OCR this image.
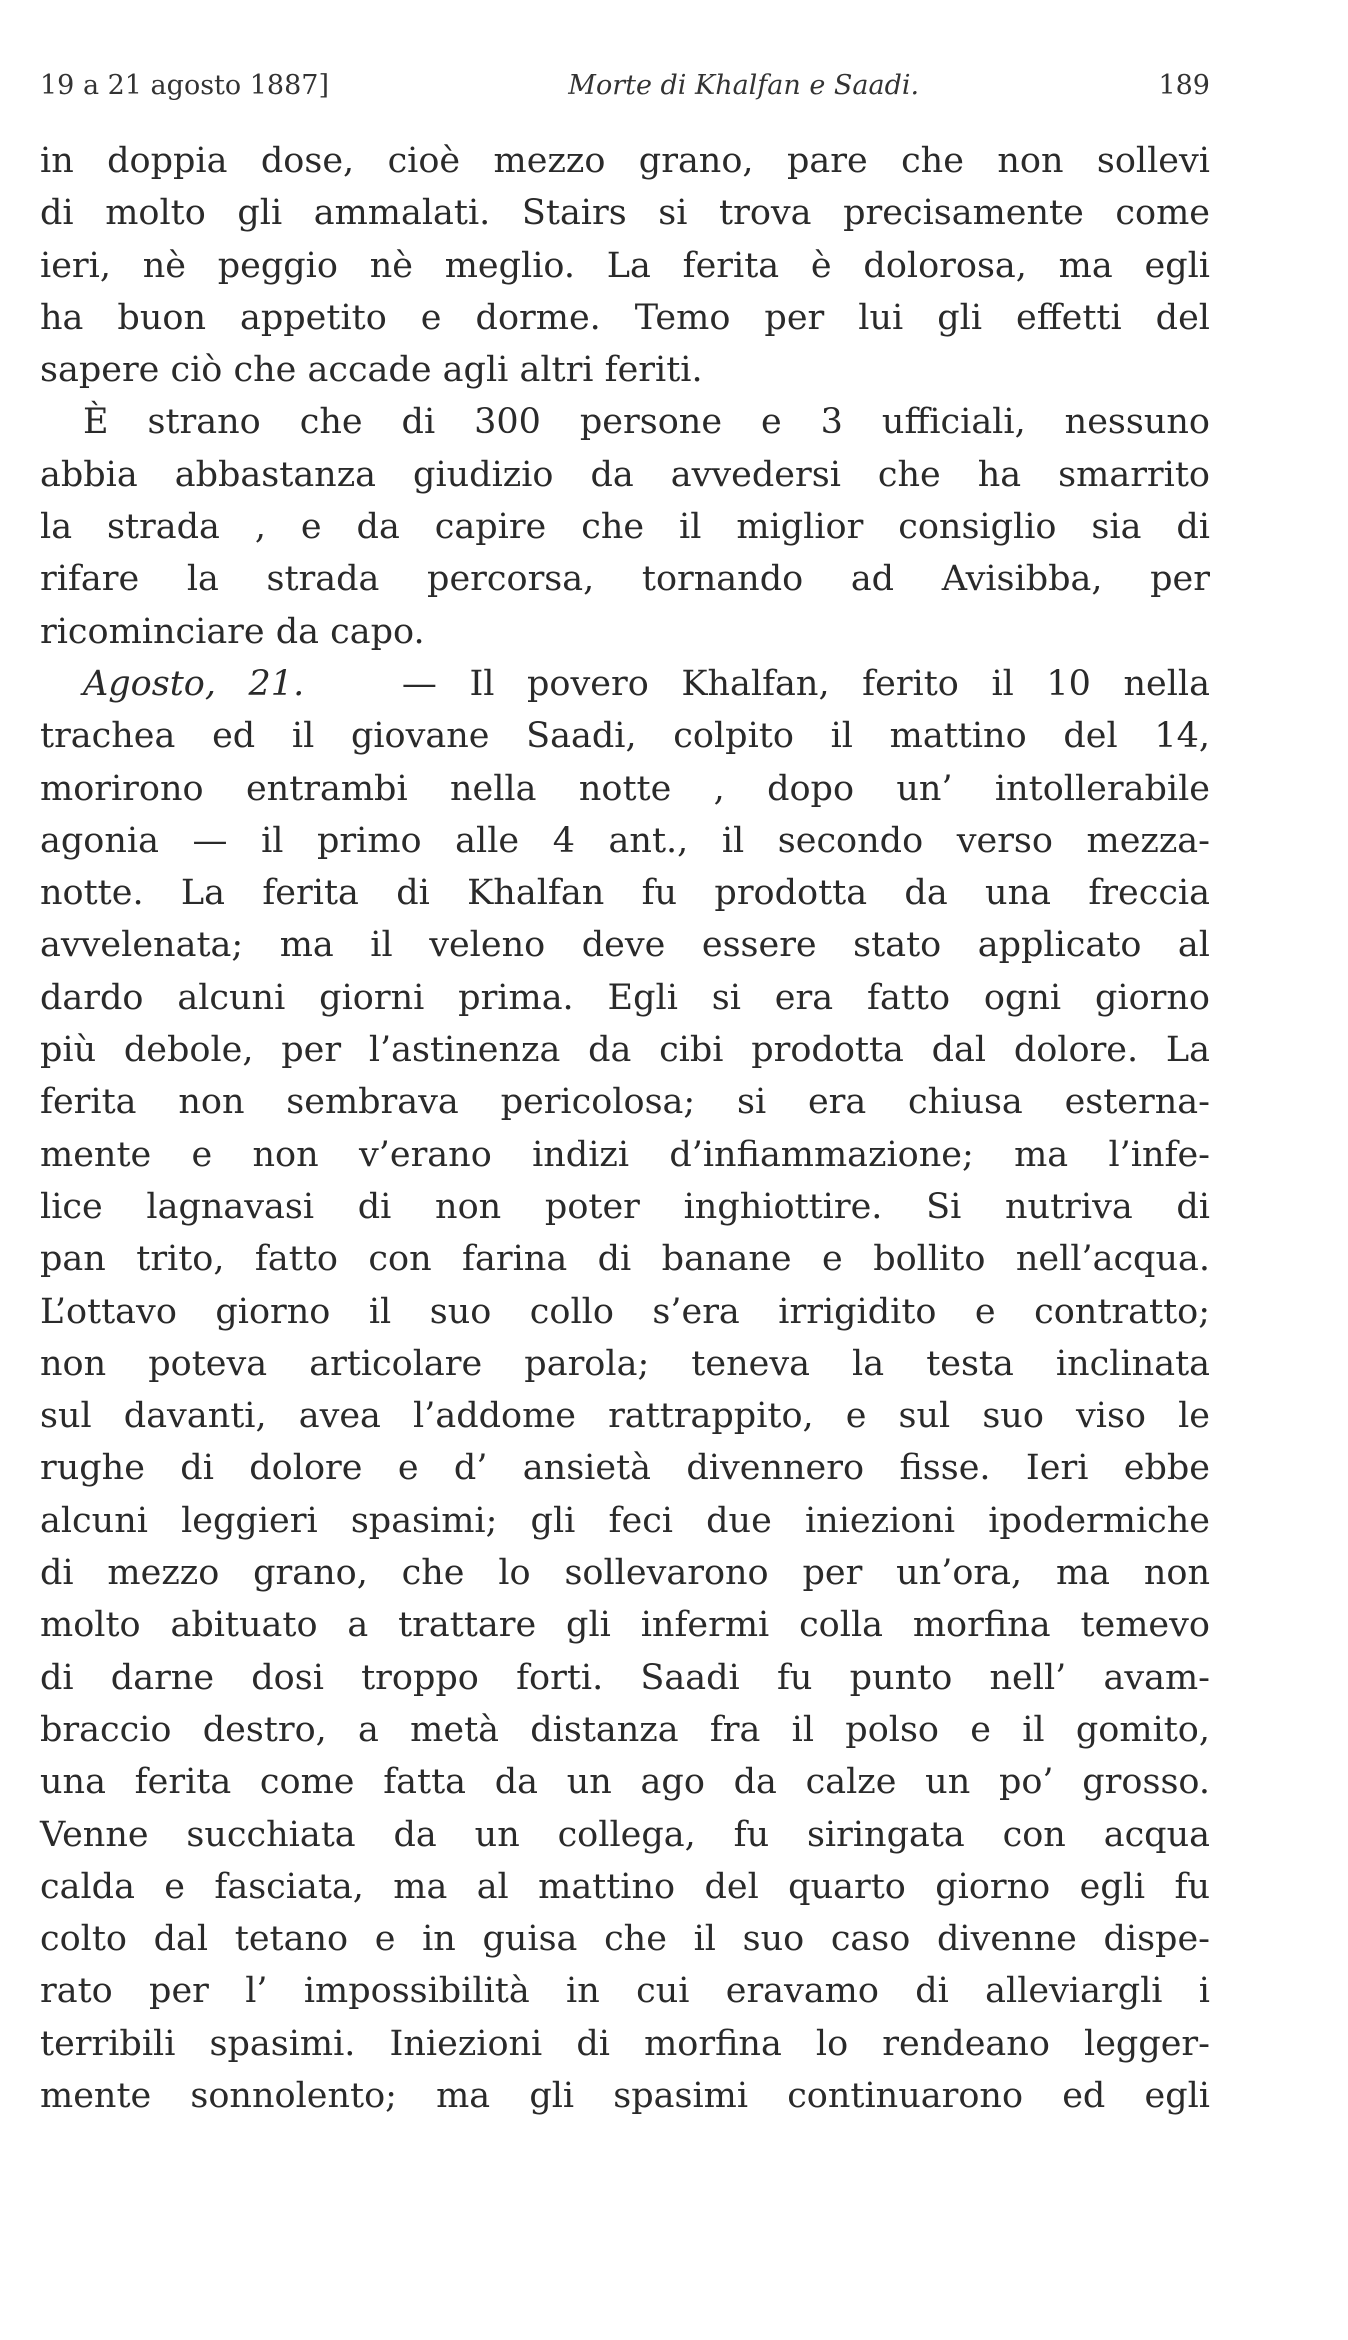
19 a 21 agosto 1887]	Morte di Khalfan e Saadi.	189
in doppia dose, cioè mezzo grano, pare che non sollevi
di molto gli ammalati. Stairs si trova precisamente come
ieri, nè peggio nè meglio. La ferita è dolorosa, ma egli
ha buon appetito e dorme. Temo per lui gli effetti del
sapere ciò che accade agli altri feriti.
È strano che di 300 persone e 3 ufficiali, nessuno
abbia abbastanza giudizio da avvedersi che ha smarrito
la strada , e da capire che il miglior consiglio sia di
rifare la strada percorsa, tornando ad Avisibba, per
ricominciare da capo.
Agosto, 21.	— Il povero Khalfan, ferito il 10 nella
trachea ed il giovane Saadi, colpito il mattino del 14,
morirono entrambi nella notte , dopo un’ intollerabile
agonia — il primo alle 4 ant., il secondo verso mezza-
notte. La ferita di Khalfan fu prodotta da una freccia
avvelenata; ma il veleno deve essere stato applicato al
dardo alcuni giorni prima. Egli si era fatto ogni giorno
più debole, per l’astinenza da cibi prodotta dal dolore. La
ferita non sembrava pericolosa; si era chiusa esterna-
mente e non v’erano indizi d’infiammazione; ma l’infe-
lice lagnavasi di non poter inghiottire. Si nutriva di
pan trito, fatto con farina di banane e bollito nell’acqua.
L’ottavo giorno il suo collo s’era irrigidito e contratto;
non poteva articolare parola; teneva la testa inclinata
sul davanti, avea l’addome rattrappito, e sul suo viso le
rughe di dolore e d’ ansietà divennero fisse. Ieri ebbe
alcuni leggieri spasimi; gli feci due iniezioni ipodermiche
di mezzo grano, che lo sollevarono per un’ora, ma non
molto abituato a trattare gli infermi colla morfina temevo
di darne dosi troppo forti. Saadi fu punto nell’ avam-
braccio destro, a metà distanza fra il polso e il gomito,
una ferita come fatta da un ago da calze un po’ grosso.
Venne succhiata da un collega, fu siringata con acqua
calda e fasciata, ma al mattino del quarto giorno egli fu
colto dal tetano e in guisa che il suo caso divenne dispe-
rato per l’ impossibilità in cui eravamo di alleviargli i
terribili spasimi. Iniezioni di morfina lo rendeano legger-
mente sonnolento; ma gli spasimi continuarono ed egli
